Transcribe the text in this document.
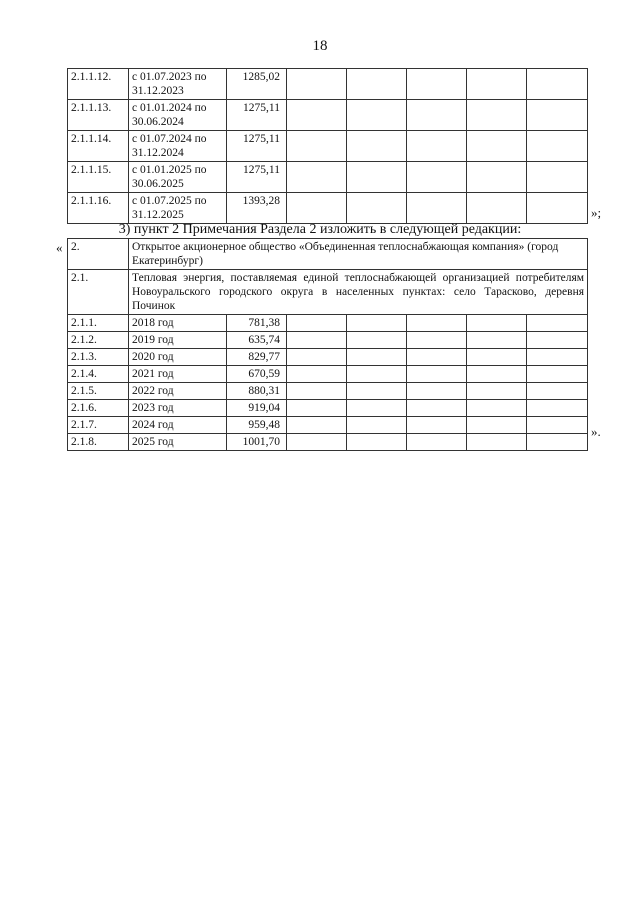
18
2.1.1.12.	с 01.07.2023 по 31.12.2023	1285,02					
2.1.1.13.	с 01.01.2024 по 30.06.2024	1275,11					
2.1.1.14.	с 01.07.2024 по 31.12.2024	1275,11					
2.1.1.15.	с 01.01.2025 по 30.06.2025	1275,11					
2.1.1.16.	с 01.07.2025 по 31.12.2025	1393,28					
»;
3) пункт 2 Примечания Раздела 2 изложить в следующей редакции:
« 2.	Открытое акционерное общество «Объединенная теплоснабжающая компания» (город Екатеринбург)						
2.1.	Тепловая энергия, поставляемая единой теплоснабжающей организацией потребителям Новоуральского городского округа в населенных пунктах: село Тарасково, деревня Починок						
2.1.1.	2018 год	781,38					
2.1.2.	2019 год	635,74					
2.1.3.	2020 год	829,77					
2.1.4.	2021 год	670,59					
2.1.5.	2022 год	880,31					
2.1.6.	2023 год	919,04					
2.1.7.	2024 год	959,48					
2.1.8.	2025 год	1001,70					
».
